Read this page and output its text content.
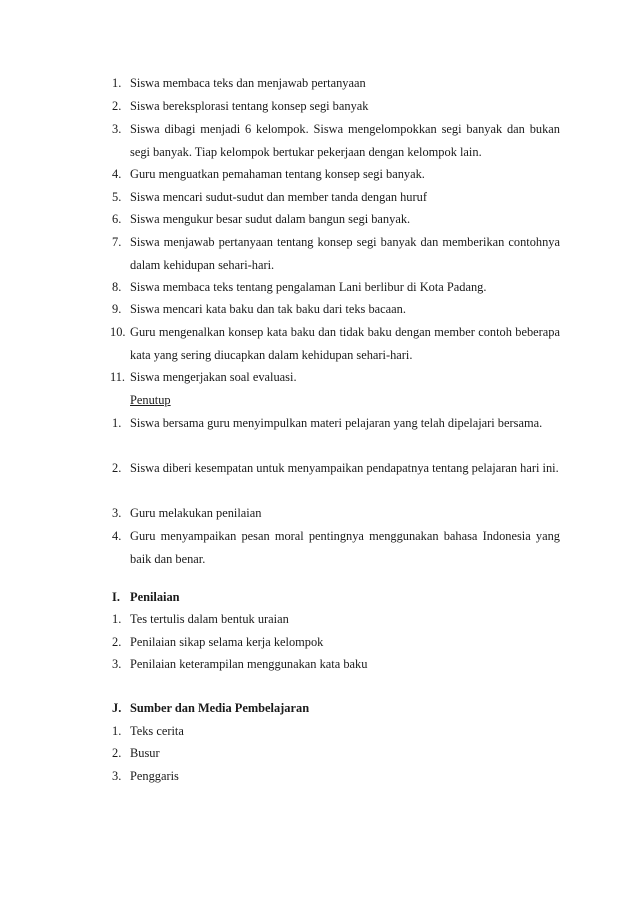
1. Siswa membaca teks dan menjawab pertanyaan
2. Siswa bereksplorasi tentang konsep segi banyak
3. Siswa dibagi menjadi 6 kelompok. Siswa mengelompokkan segi banyak dan bukan segi banyak. Tiap kelompok bertukar pekerjaan dengan kelompok lain.
4. Guru menguatkan pemahaman tentang konsep segi banyak.
5. Siswa mencari sudut-sudut dan member tanda dengan huruf
6. Siswa mengukur besar sudut dalam bangun segi banyak.
7. Siswa menjawab pertanyaan tentang konsep segi banyak dan memberikan contohnya dalam kehidupan sehari-hari.
8. Siswa membaca teks tentang pengalaman Lani berlibur di Kota Padang.
9. Siswa mencari kata baku dan tak baku dari teks bacaan.
10. Guru mengenalkan konsep kata baku dan tidak baku dengan member contoh beberapa kata yang sering diucapkan dalam kehidupan sehari-hari.
11. Siswa mengerjakan soal evaluasi.
Penutup
1. Siswa bersama guru menyimpulkan materi pelajaran yang telah dipelajari bersama.
2. Siswa diberi kesempatan untuk menyampaikan pendapatnya tentang pelajaran hari ini.
3. Guru melakukan penilaian
4. Guru menyampaikan pesan moral pentingnya menggunakan bahasa Indonesia yang baik dan benar.
I. Penilaian
1. Tes tertulis dalam bentuk uraian
2. Penilaian sikap selama kerja kelompok
3. Penilaian keterampilan menggunakan kata baku
J. Sumber dan Media Pembelajaran
1. Teks cerita
2. Busur
3. Penggaris
